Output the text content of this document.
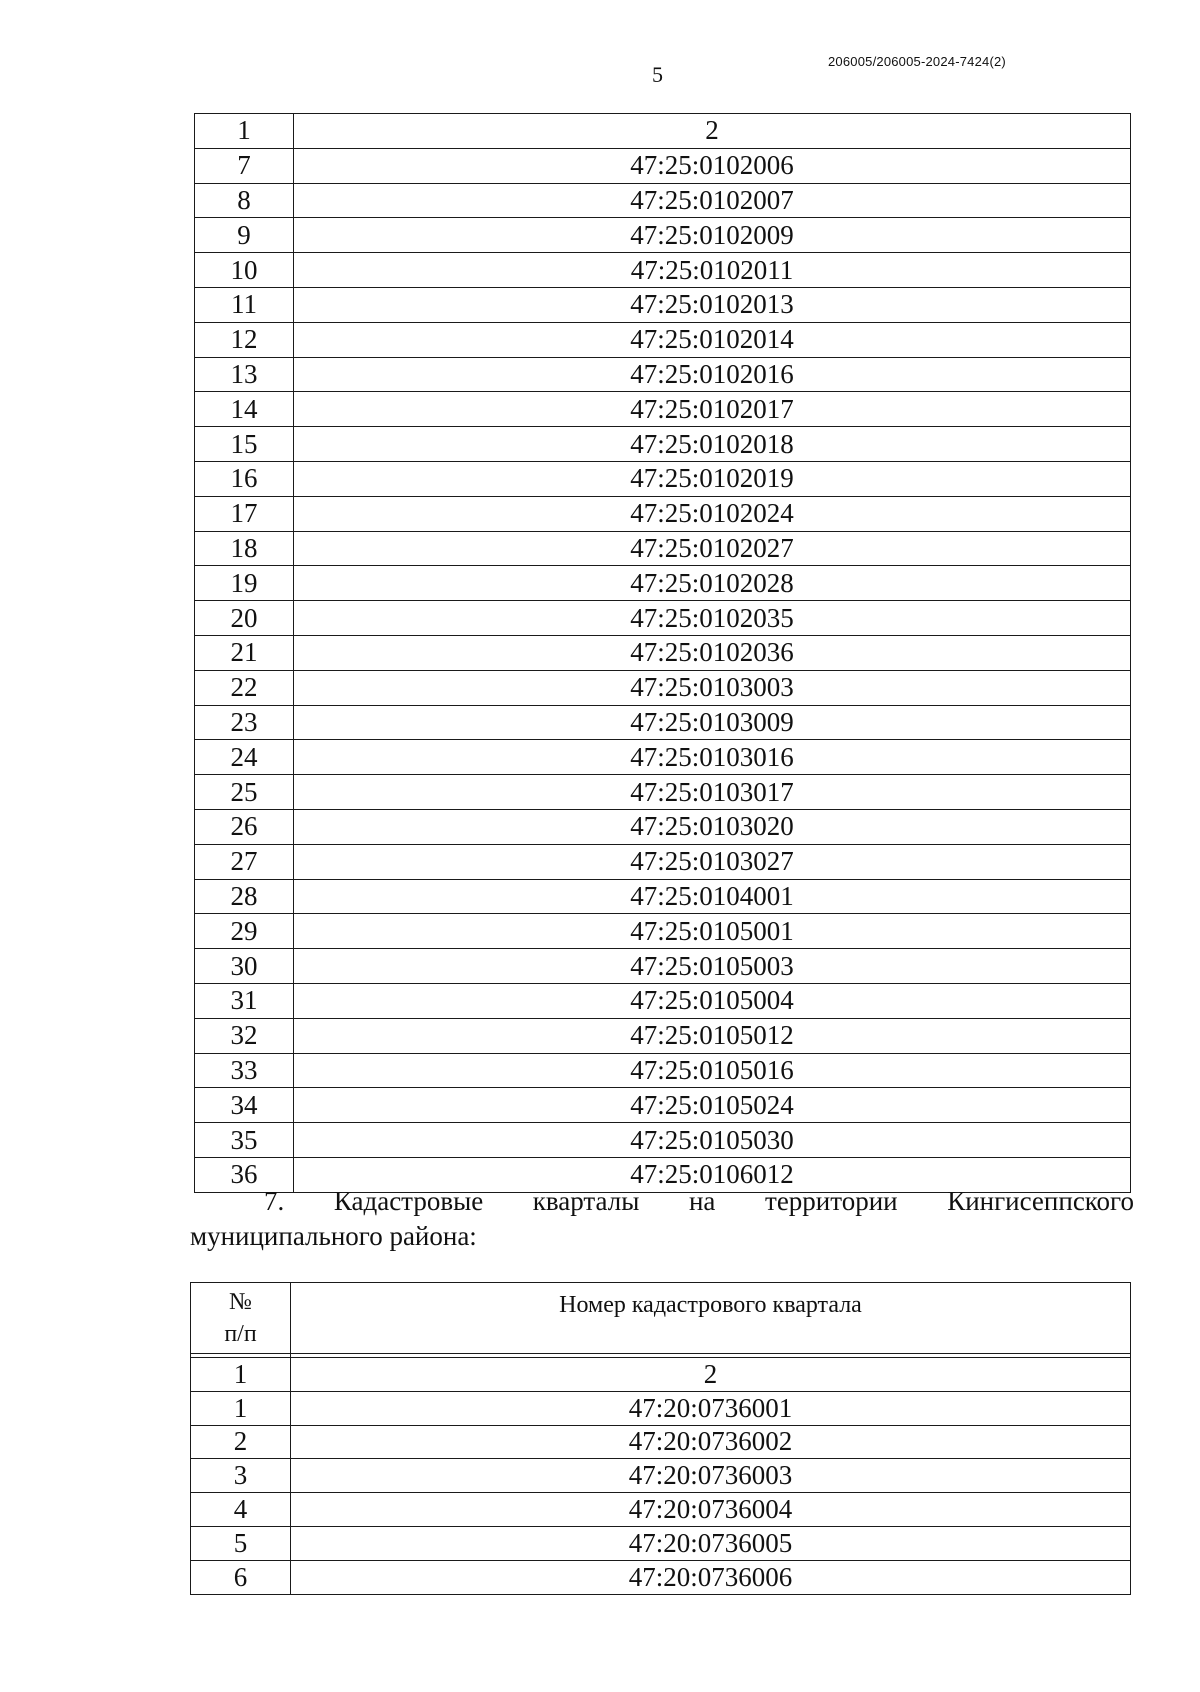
5
206005/206005-2024-7424(2)
1	2
7	47:25:0102006
8	47:25:0102007
9	47:25:0102009
10	47:25:0102011
11	47:25:0102013
12	47:25:0102014
13	47:25:0102016
14	47:25:0102017
15	47:25:0102018
16	47:25:0102019
17	47:25:0102024
18	47:25:0102027
19	47:25:0102028
20	47:25:0102035
21	47:25:0102036
22	47:25:0103003
23	47:25:0103009
24	47:25:0103016
25	47:25:0103017
26	47:25:0103020
27	47:25:0103027
28	47:25:0104001
29	47:25:0105001
30	47:25:0105003
31	47:25:0105004
32	47:25:0105012
33	47:25:0105016
34	47:25:0105024
35	47:25:0105030
36	47:25:0106012
7. Кадастровые кварталы на территории Кингисеппского
муниципального района:
№
п/п	Номер кадастрового квартала

1	2
1	47:20:0736001
2	47:20:0736002
3	47:20:0736003
4	47:20:0736004
5	47:20:0736005
6	47:20:0736006
